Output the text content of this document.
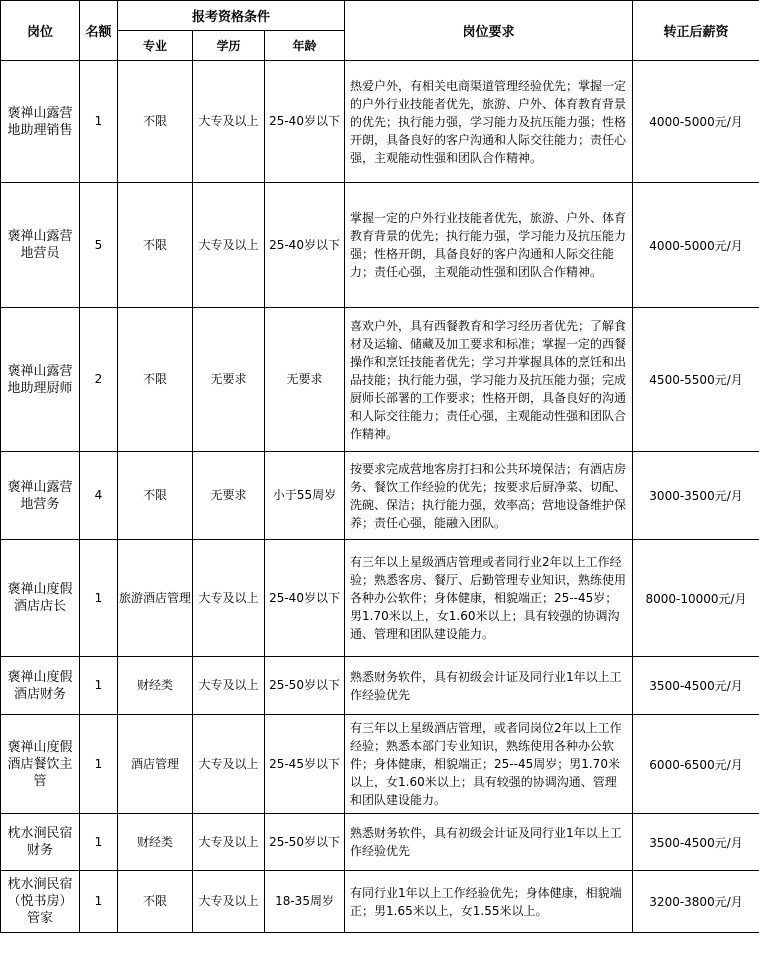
岗位	名额	报考资格条件			岗位要求	转正后薪资
		专业	学历	年龄		
褒禅山露营地助理销售	1	不限	大专及以上	25-40岁以下	热爱户外，有相关电商渠道管理经验优先；掌握一定的户外行业技能者优先，旅游、户外、体育教育背景的优先；执行能力强，学习能力及抗压能力强；性格开朗，具备良好的客户沟通和人际交往能力；责任心强，主观能动性强和团队合作精神。	4000-5000元/月
褒禅山露营地营员	5	不限	大专及以上	25-40岁以下	掌握一定的户外行业技能者优先，旅游、户外、体育教育背景的优先；执行能力强，学习能力及抗压能力强；性格开朗，具备良好的客户沟通和人际交往能力；责任心强，主观能动性强和团队合作精神。	4000-5000元/月
褒禅山露营地助理厨师	2	不限	无要求	无要求	喜欢户外，具有西餐教育和学习经历者优先；了解食材及运输、储藏及加工要求和标准；掌握一定的西餐操作和烹饪技能者优先；学习并掌握具体的烹饪和出品技能；执行能力强，学习能力及抗压能力强；完成厨师长部署的工作要求；性格开朗，具备良好的沟通和人际交往能力；责任心强，主观能动性强和团队合作精神。	4500-5500元/月
褒禅山露营地营务	4	不限	无要求	小于55周岁	按要求完成营地客房打扫和公共环境保洁；有酒店房务、餐饮工作经验的优先；按要求后厨净菜、切配、洗碗、保洁；执行能力强，效率高；营地设备维护保养；责任心强，能融入团队。	3000-3500元/月
褒禅山度假酒店店长	1	旅游酒店管理	大专及以上	25-40岁以下	有三年以上星级酒店管理或者同行业2年以上工作经验；熟悉客房、餐厅、后勤管理专业知识，熟练使用各种办公软件；身体健康，相貌端正；25--45岁；男1.70米以上，女1.60米以上；具有较强的协调沟通、管理和团队建设能力。	8000-10000元/月
褒禅山度假酒店财务	1	财经类	大专及以上	25-50岁以下	熟悉财务软件，具有初级会计证及同行业1年以上工作经验优先	3500-4500元/月
褒禅山度假酒店餐饮主管	1	酒店管理	大专及以上	25-45岁以下	有三年以上星级酒店管理，或者同岗位2年以上工作经验；熟悉本部门专业知识，熟练使用各种办公软件；身体健康，相貌端正；25--45周岁；男1.70米以上，女1.60米以上；具有较强的协调沟通、管理和团队建设能力。	6000-6500元/月
枕水涧民宿财务	1	财经类	大专及以上	25-50岁以下	熟悉财务软件，具有初级会计证及同行业1年以上工作经验优先	3500-4500元/月
枕水涧民宿（悦书房）管家	1	不限	大专及以上	18-35周岁	有同行业1年以上工作经验优先；身体健康，相貌端正；男1.65米以上，女1.55米以上。	3200-3800元/月
